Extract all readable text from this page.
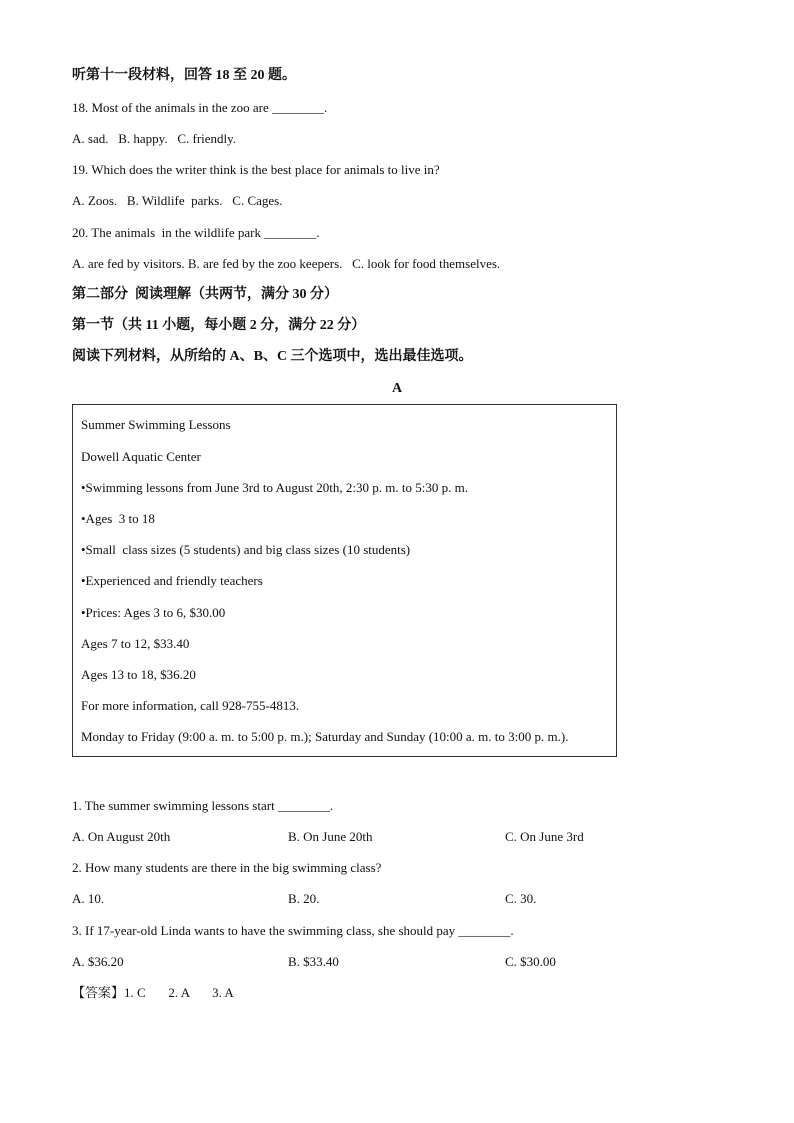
听第十一段材料，回答 18 至 20 题。
18. Most of the animals in the zoo are ________.
A. sad.   B. happy.   C. friendly.
19. Which does the writer think is the best place for animals to live in?
A. Zoos.   B. Wildlife  parks.   C. Cages.
20. The animals  in the wildlife park ________.
A. are fed by visitors. B. are fed by the zoo keepers.   C. look for food themselves.
第二部分  阅读理解（共两节，满分 30 分）
第一节（共 11 小题，每小题 2 分，满分 22 分）
阅读下列材料，从所给的 A、B、C 三个选项中，选出最佳选项。
A
Summer Swimming Lessons
Dowell Aquatic Center
•Swimming lessons from June 3rd to August 20th, 2:30 p. m. to 5:30 p. m.
•Ages  3 to 18
•Small  class sizes (5 students) and big class sizes (10 students)
•Experienced and friendly teachers
•Prices: Ages 3 to 6, $30.00
Ages 7 to 12, $33.40
Ages 13 to 18, $36.20
For more information, call 928-755-4813.
Monday to Friday (9:00 a. m. to 5:00 p. m.); Saturday and Sunday (10:00 a. m. to 3:00 p. m.).
1. The summer swimming lessons start ________.
A. On August 20th	B. On June 20th	C. On June 3rd
2. How many students are there in the big swimming class?
A. 10.	B. 20.	C. 30.
3. If 17-year-old Linda wants to have the swimming class, she should pay ________.
A. $36.20	B. $33.40	C. $30.00
【答案】1. C       2. A       3. A
